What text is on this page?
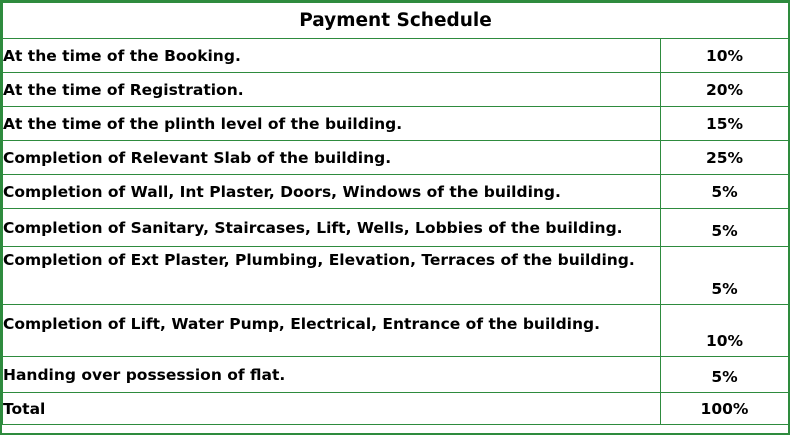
Payment Schedule	
At the time of the Booking.	10%
At the time of Registration.	20%
At the time of the plinth level of the building.	15%
Completion of Relevant Slab of the building.	25%
Completion of Wall, Int Plaster, Doors, Windows of the building.	5%
Completion of Sanitary, Staircases, Lift, Wells, Lobbies of the building.	5%
Completion of Ext Plaster, Plumbing, Elevation, Terraces of the building.	5%
Completion of Lift, Water Pump, Electrical, Entrance of the building.	10%
Handing over possession of flat.	5%
Total	100%
